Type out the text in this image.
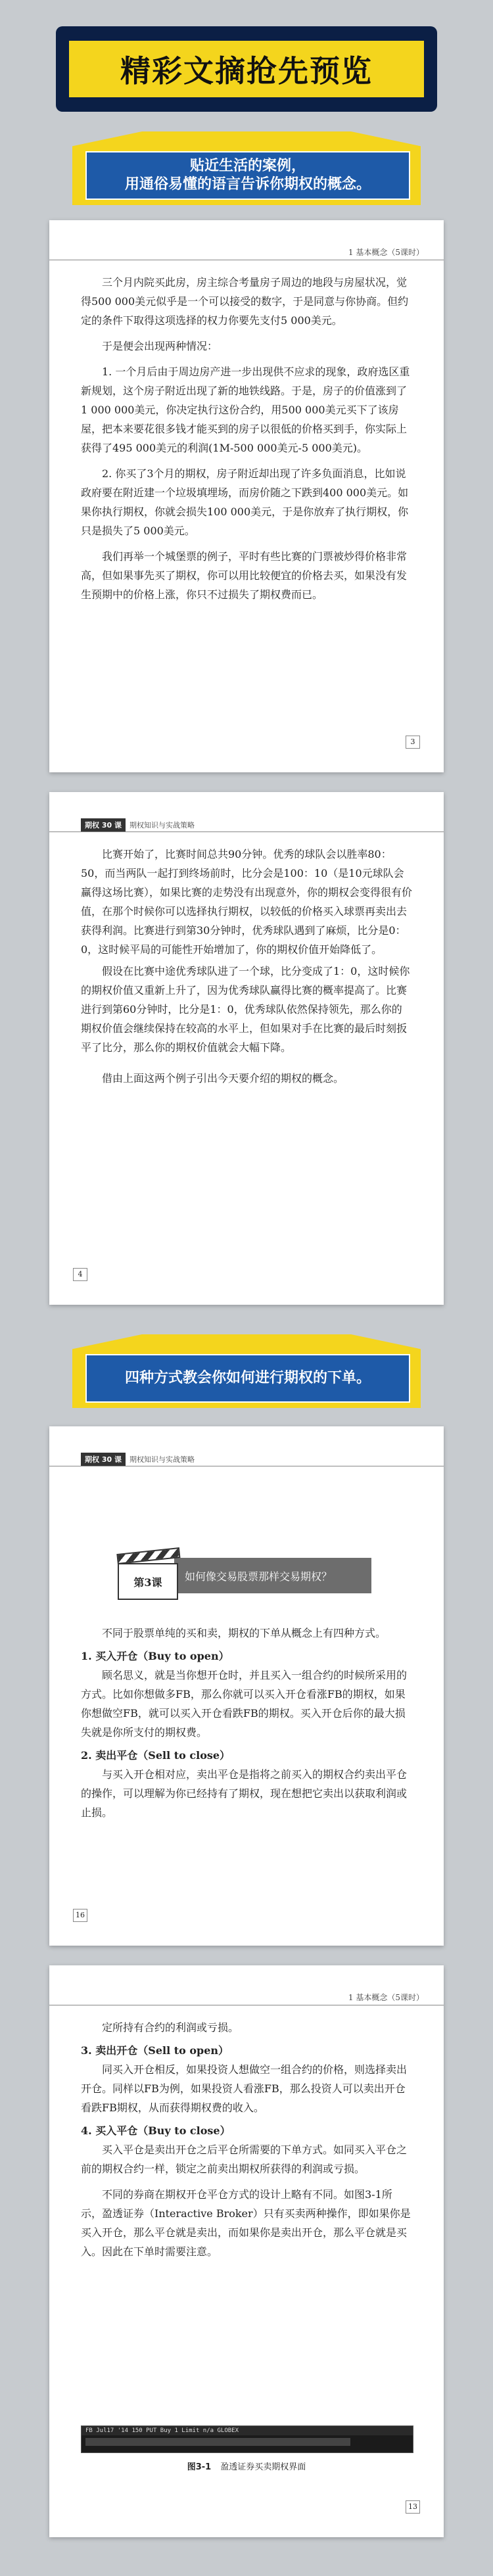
精彩文摘抢先预览
贴近生活的案例，
用通俗易懂的语言告诉你期权的概念。
1 基本概念（5课时）

三个月内院买此房，房主综合考量房子周边的地段与房屋状况，觉得500 000美元似乎是一个可以接受的数字，于是同意与你协商。但约定的条件下取得这项选择的权力你要先支付5 000美元。

于是便会出现两种情况：

1. 一个月后由于周边房产进一步出现供不应求的现象，政府选区重新规划，这个房子附近出现了新的地铁线路。于是，房子的价值涨到了1 000 000美元，你决定执行这份合约，用500 000美元买下了该房屋，把本来要花很多钱才能买到的房子以很低的价格买到手，你实际上获得了495 000美元的利润(1M-500 000美元-5 000美元)。

2. 你买了3个月的期权，房子附近却出现了许多负面消息，比如说政府要在附近建一个垃圾填埋场，而房价随之下跌到400 000美元。如果你执行期权，你就会损失100 000美元，于是你放弃了执行期权，你只是损失了5 000美元。

我们再举一个城堡票的例子，平时有些比赛的门票被炒得价格非常高，但如果事先买了期权，你可以用比较便宜的价格去买，如果没有发生预期中的价格上涨，你只不过损失了期权费而已。

3
期权 30 课	期权知识与实战策略

比赛开始了，比赛时间总共90分钟。优秀的球队会以胜率80：50，而当两队一起打到终场前时，比分会是100：10（是10元球队会赢得这场比赛），如果比赛的走势没有出现意外，你的期权会变得很有价值，在那个时候你可以选择执行期权，以较低的价格买入球票再卖出去获得利润。比赛进行到第30分钟时，优秀球队遇到了麻烦，比分是0：0，这时候平局的可能性开始增加了，你的期权价值开始降低了。

假设在比赛中途优秀球队进了一个球，比分变成了1：0，这时候你的期权价值又重新上升了，因为优秀球队赢得比赛的概率提高了。比赛进行到第60分钟时，比分是1：0，优秀球队依然保持领先，那么你的期权价值会继续保持在较高的水平上，但如果对手在比赛的最后时刻扳平了比分，那么你的期权价值就会大幅下降。

借由上面这两个例子引出今天要介绍的期权的概念。

4
四种方式教会你如何进行期权的下单。
期权 30 课	期权知识与实战策略
如何像交易股票那样交易期权？
第3课

不同于股票单纯的买和卖，期权的下单从概念上有四种方式。

1. 买入开仓（Buy to open）

顾名思义，就是当你想开仓时，并且买入一组合约的时候所采用的方式。比如你想做多FB，那么你就可以买入开仓看涨FB的期权，如果你想做空FB，就可以买入开仓看跌FB的期权。买入开仓后你的最大损失就是你所支付的期权费。

2. 卖出平仓（Sell to close）

与买入开仓相对应，卖出平仓是指将之前买入的期权合约卖出平仓的操作，可以理解为你已经持有了期权，现在想把它卖出以获取利润或止损。

16
1 基本概念（5课时）

定所持有合约的利润或亏损。

3. 卖出开仓（Sell to open）

同买入开仓相反，如果投资人想做空一组合约的价格，则选择卖出开仓。同样以FB为例，如果投资人看涨FB，那么投资人可以卖出开仓看跌FB期权，从而获得期权费的收入。

4. 买入平仓（Buy to close）

买入平仓是卖出开仓之后平仓所需要的下单方式。如同买入平仓之前的期权合约一样，锁定之前卖出期权所获得的利润或亏损。

不同的券商在期权开仓平仓方式的设计上略有不同。如图3-1所示，盈透证券（Interactive Broker）只有买卖两种操作，即如果你是买入开仓，那么平仓就是卖出，而如果你是卖出开仓，那么平仓就是买入。因此在下单时需要注意。

FB Jul17 '14 150 PUT Buy 1 Limit n/a GLOBEX
图3-1 盈透证券买卖期权界面
13
